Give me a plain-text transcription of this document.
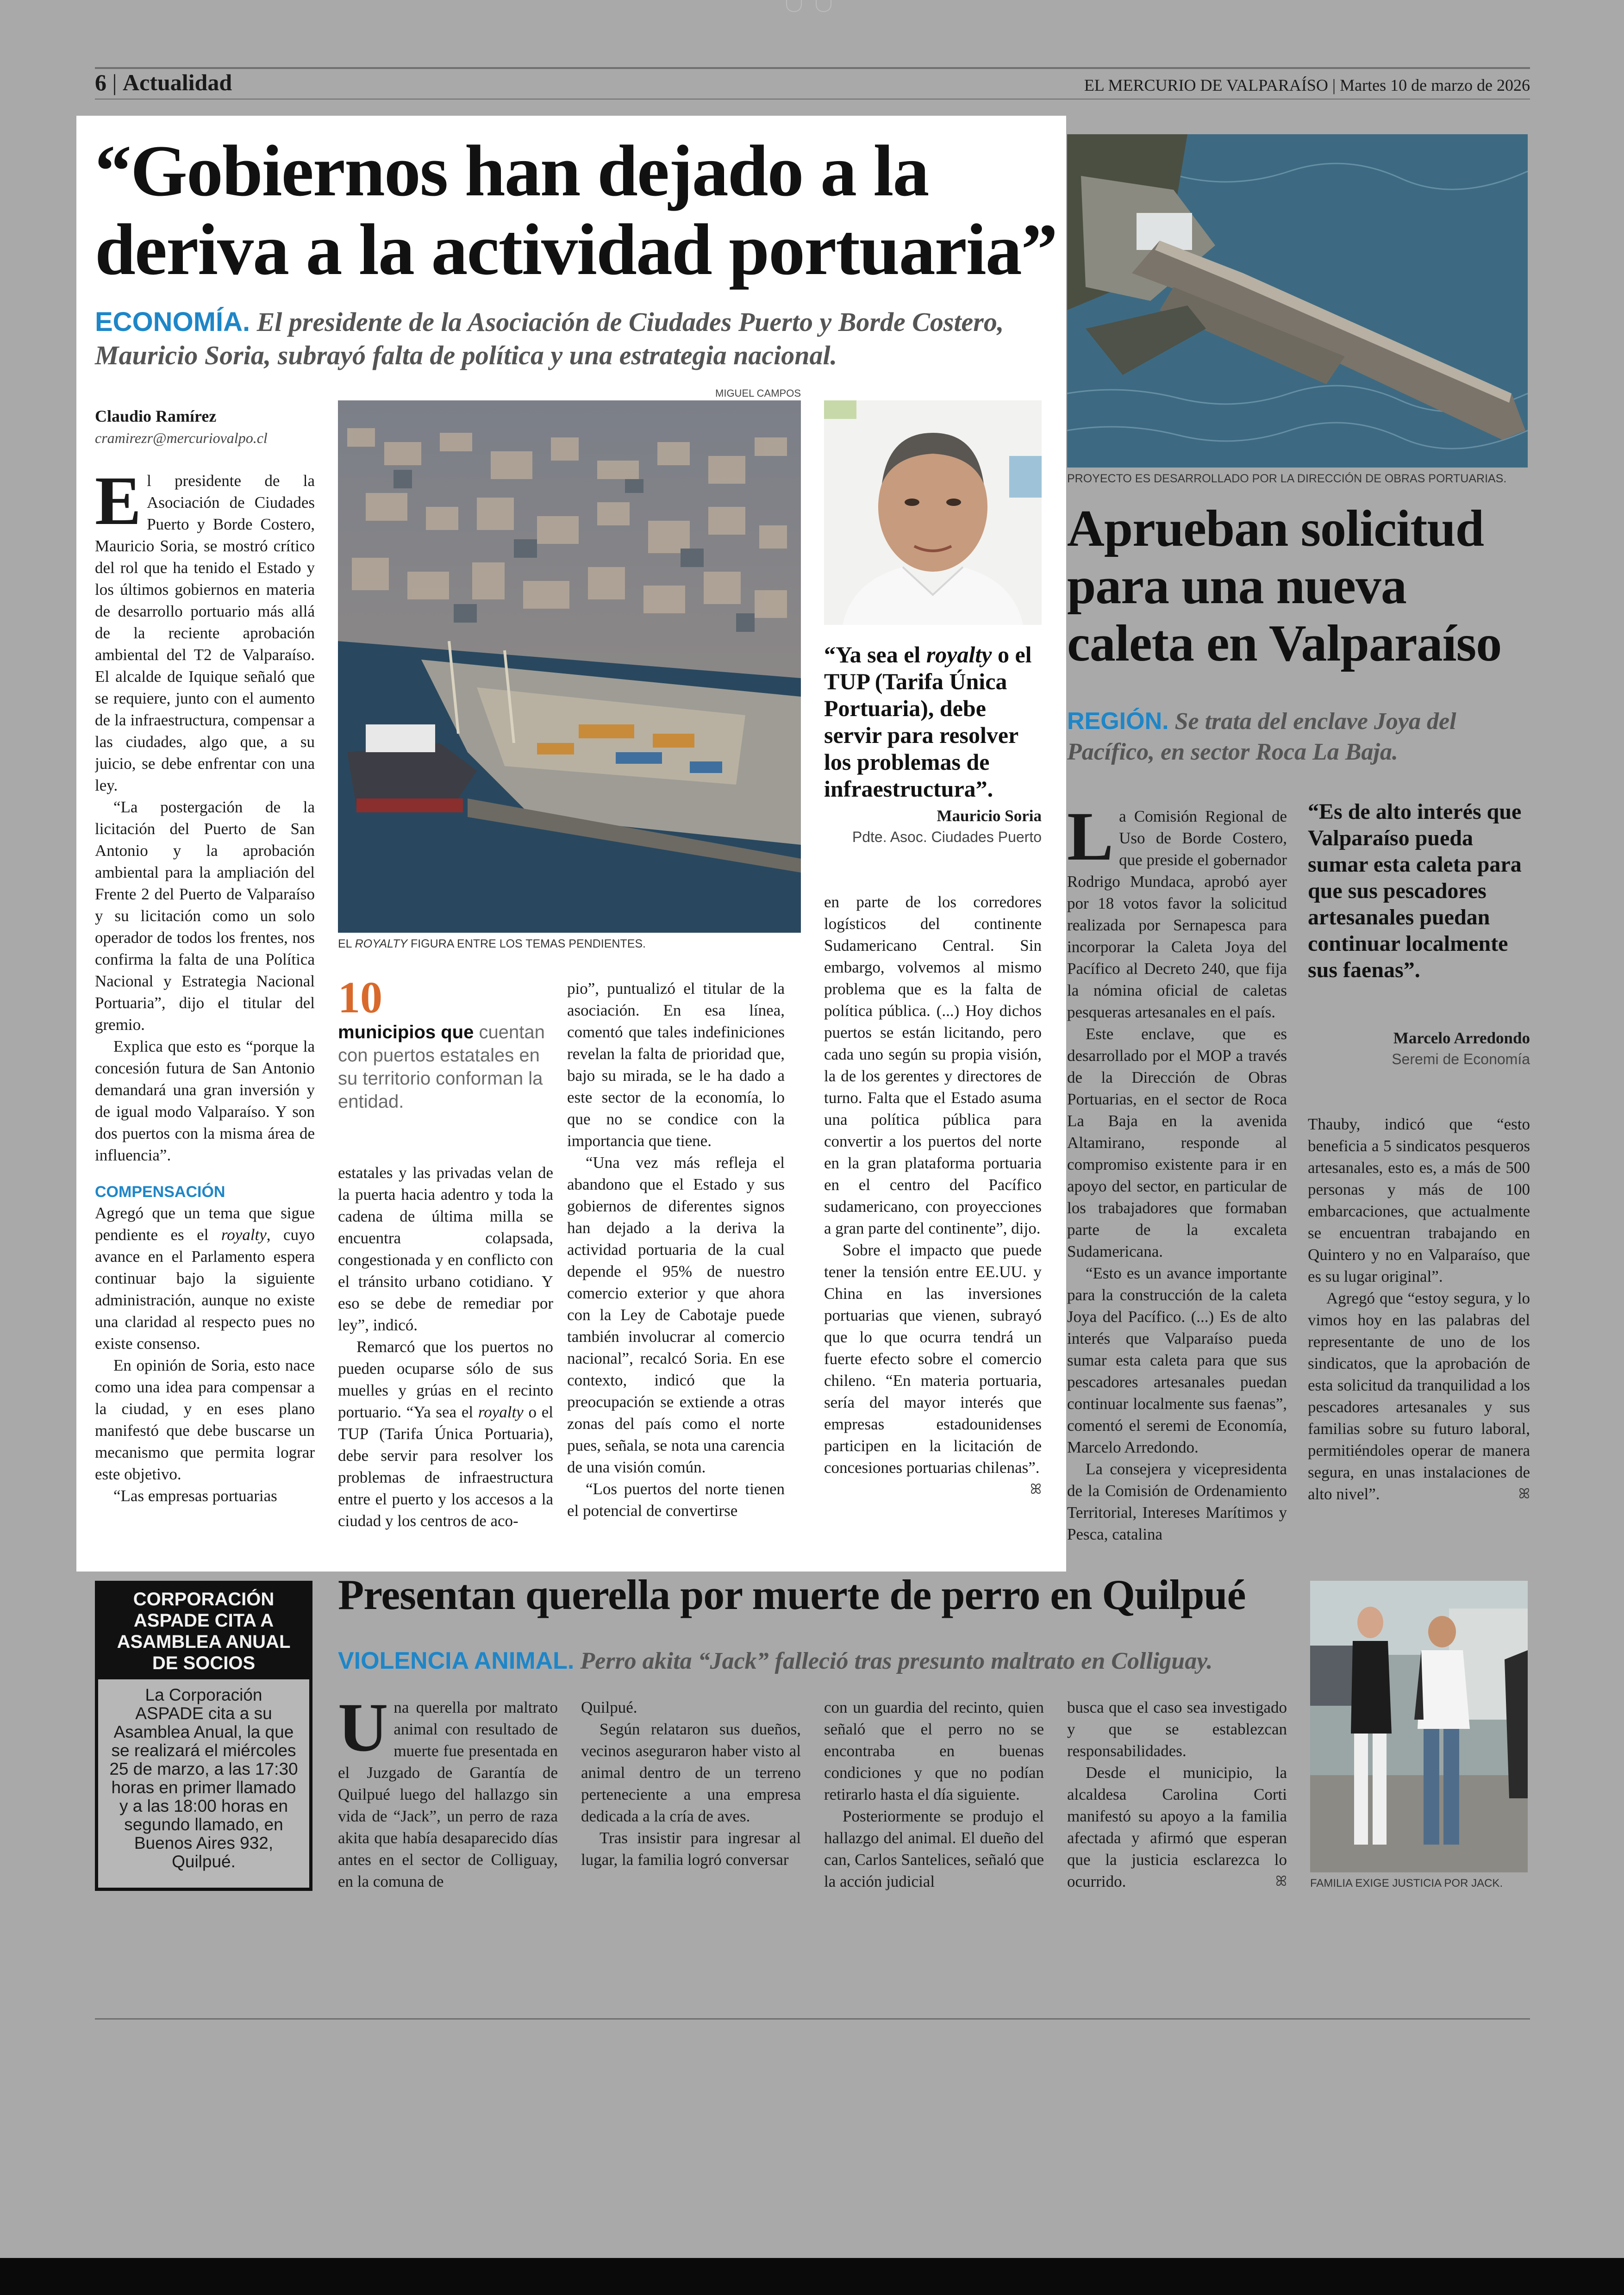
6 | Actualidad	EL MERCURIO DE VALPARAÍSO | Martes 10 de marzo de 2026
“Gobiernos han dejado a la deriva a la actividad portuaria”
ECONOMÍA. El presidente de la Asociación de Ciudades Puerto y Borde Costero, Mauricio Soria, subrayó falta de política y una estrategia nacional.
Claudio Ramírez
cramirezr@mercuriovalpo.cl

El presidente de la Asociación de Ciudades Puerto y Borde Costero, Mauricio Soria, se mostró crítico del rol que ha tenido el Estado y los últimos gobiernos en materia de desarrollo portuario más allá de la reciente aprobación ambiental del T2 de Valparaíso. El alcalde de Iquique señaló que se requiere, junto con el aumento de la infraestructura, compensar a las ciudades, algo que, a su juicio, se debe enfrentar con una ley.

“La postergación de la licitación del Puerto de San Antonio y la aprobación ambiental para la ampliación del Frente 2 del Puerto de Valparaíso y su licitación como un solo operador de todos los frentes, nos confirma la falta de una Política Nacional y Estrategia Nacional Portuaria”, dijo el titular del gremio.

Explica que esto es “porque la concesión futura de San Antonio demandará una gran inversión y de igual modo Valparaíso. Y son dos puertos con la misma área de influencia”.

COMPENSACIÓN

Agregó que un tema que sigue pendiente es el royalty, cuyo avance en el Parlamento espera continuar bajo la siguiente administración, aunque no existe una claridad al respecto pues no existe consenso.

En opinión de Soria, esto nace como una idea para compensar a la ciudad, y en eses plano manifestó que debe buscarse un mecanismo que permita lograr este objetivo.

“Las empresas portuarias

MIGUEL CAMPOS
EL ROYALTY FIGURA ENTRE LOS TEMAS PENDIENTES.
10
municipios que cuentan con puertos estatales en su territorio conforman la entidad.

estatales y las privadas velan de la puerta hacia adentro y toda la cadena de última milla se encuentra colapsada, congestionada y en conflicto con el tránsito urbano cotidiano. Y eso se debe de remediar por ley”, indicó.

Remarcó que los puertos no pueden ocuparse sólo de sus muelles y grúas en el recinto portuario. “Ya sea el royalty o el TUP (Tarifa Única Portuaria), debe servir para resolver los problemas de infraestructura entre el puerto y los accesos a la ciudad y los centros de aco-

pio”, puntualizó el titular de la asociación. En esa línea, comentó que tales indefiniciones revelan la falta de prioridad que, bajo su mirada, se le ha dado a este sector de la economía, lo que no se condice con la importancia que tiene.

“Una vez más refleja el abandono que el Estado y sus gobiernos de diferentes signos han dejado a la deriva la actividad portuaria de la cual depende el 95% de nuestro comercio exterior y que ahora con la Ley de Cabotaje puede también involucrar al comercio nacional”, recalcó Soria. En ese contexto, indicó que la preocupación se extiende a otras zonas del país como el norte pues, señala, se nota una carencia de una visión común.

“Los puertos del norte tienen el potencial de convertirse

“Ya sea el royalty o el TUP (Tarifa Única Portuaria), debe servir para resolver los problemas de infraestructura”.
Mauricio Soria
Pdte. Asoc. Ciudades Puerto

en parte de los corredores logísticos del continente Sudamericano Central. Sin embargo, volvemos al mismo problema que es la falta de política pública. (...) Hoy dichos puertos se están licitando, pero cada uno según su propia visión, la de los gerentes y directores de turno. Falta que el Estado asuma una política pública para convertir a los puertos del norte en la gran plataforma portuaria en el centro del Pacífico sudamericano, con proyecciones a gran parte del continente”, dijo.

Sobre el impacto que puede tener la tensión entre EE.UU. y China en las inversiones portuarias que vienen, subrayó que lo que ocurra tendrá un fuerte efecto sobre el comercio chileno. “En materia portuaria, sería del mayor interés que empresas estadounidenses participen en la licitación de concesiones portuarias chilenas”.
ꕤ

PROYECTO ES DESARROLLADO POR LA DIRECCIÓN DE OBRAS PORTUARIAS.
Aprueban solicitud para una nueva caleta en Valparaíso
REGIÓN. Se trata del enclave Joya del Pacífico, en sector Roca La Baja.

La Comisión Regional de Uso de Borde Costero, que preside el gobernador Rodrigo Mundaca, aprobó ayer por 18 votos favor la solicitud realizada por Sernapesca para incorporar la Caleta Joya del Pacífico al Decreto 240, que fija la nómina oficial de caletas pesqueras artesanales en el país.

Este enclave, que es desarrollado por el MOP a través de la Dirección de Obras Portuarias, en el sector de Roca La Baja en la avenida Altamirano, responde al compromiso existente para ir en apoyo del sector, en particular de los trabajadores que formaban parte de la excaleta Sudamericana.

“Esto es un avance importante para la construcción de la caleta Joya del Pacífico. (...) Es de alto interés que Valparaíso pueda sumar esta caleta para que sus pescadores artesanales puedan continuar localmente sus faenas”, comentó el seremi de Economía, Marcelo Arredondo.

La consejera y vicepresidenta de la Comisión de Ordenamiento Territorial, Intereses Marítimos y Pesca, catalina

“Es de alto interés que Valparaíso pueda sumar esta caleta para que sus pescadores artesanales puedan continuar localmente sus faenas”.
Marcelo Arredondo
Seremi de Economía

Thauby, indicó que “esto beneficia a 5 sindicatos pesqueros artesanales, esto es, a más de 500 personas y más de 100 embarcaciones, que actualmente se encuentran trabajando en Quintero y no en Valparaíso, que es su lugar original”.

Agregó que “estoy segura, y lo vimos hoy en las palabras del representante de uno de los sindicatos, que la aprobación de esta solicitud da tranquilidad a los pescadores artesanales y sus familias sobre su futuro laboral, permitiéndoles operar de manera segura, en unas instalaciones de alto nivel”.	ꕤ

CORPORACIÓN ASPADE CITA A ASAMBLEA ANUAL DE SOCIOS
La Corporación ASPADE cita a su Asamblea Anual, la que se realizará el miércoles 25 de marzo, a las 17:30 horas en primer llamado y a las 18:00 horas en segundo llamado, en Buenos Aires 932, Quilpué.
Presentan querella por muerte de perro en Quilpué
VIOLENCIA ANIMAL. Perro akita “Jack” falleció tras presunto maltrato en Colliguay.

Una querella por maltrato animal con resultado de muerte fue presentada en el Juzgado de Garantía de Quilpué luego del hallazgo sin vida de “Jack”, un perro de raza akita que había desaparecido días antes en el sector de Colliguay, en la comuna de

Quilpué.

Según relataron sus dueños, vecinos aseguraron haber visto al animal dentro de un terreno perteneciente a una empresa dedicada a la cría de aves.

Tras insistir para ingresar al lugar, la familia logró conversar

con un guardia del recinto, quien señaló que el perro no se encontraba en buenas condiciones y que no podían retirarlo hasta el día siguiente.

Posteriormente se produjo el hallazgo del animal. El dueño del can, Carlos Santelices, señaló que la acción judicial

busca que el caso sea investigado y que se establezcan responsabilidades.

Desde el municipio, la alcaldesa Carolina Corti manifestó su apoyo a la familia afectada y afirmó que esperan que la justicia esclarezca lo ocurrido.	ꕤ FAMILIA EXIGE JUSTICIA POR JACK.
